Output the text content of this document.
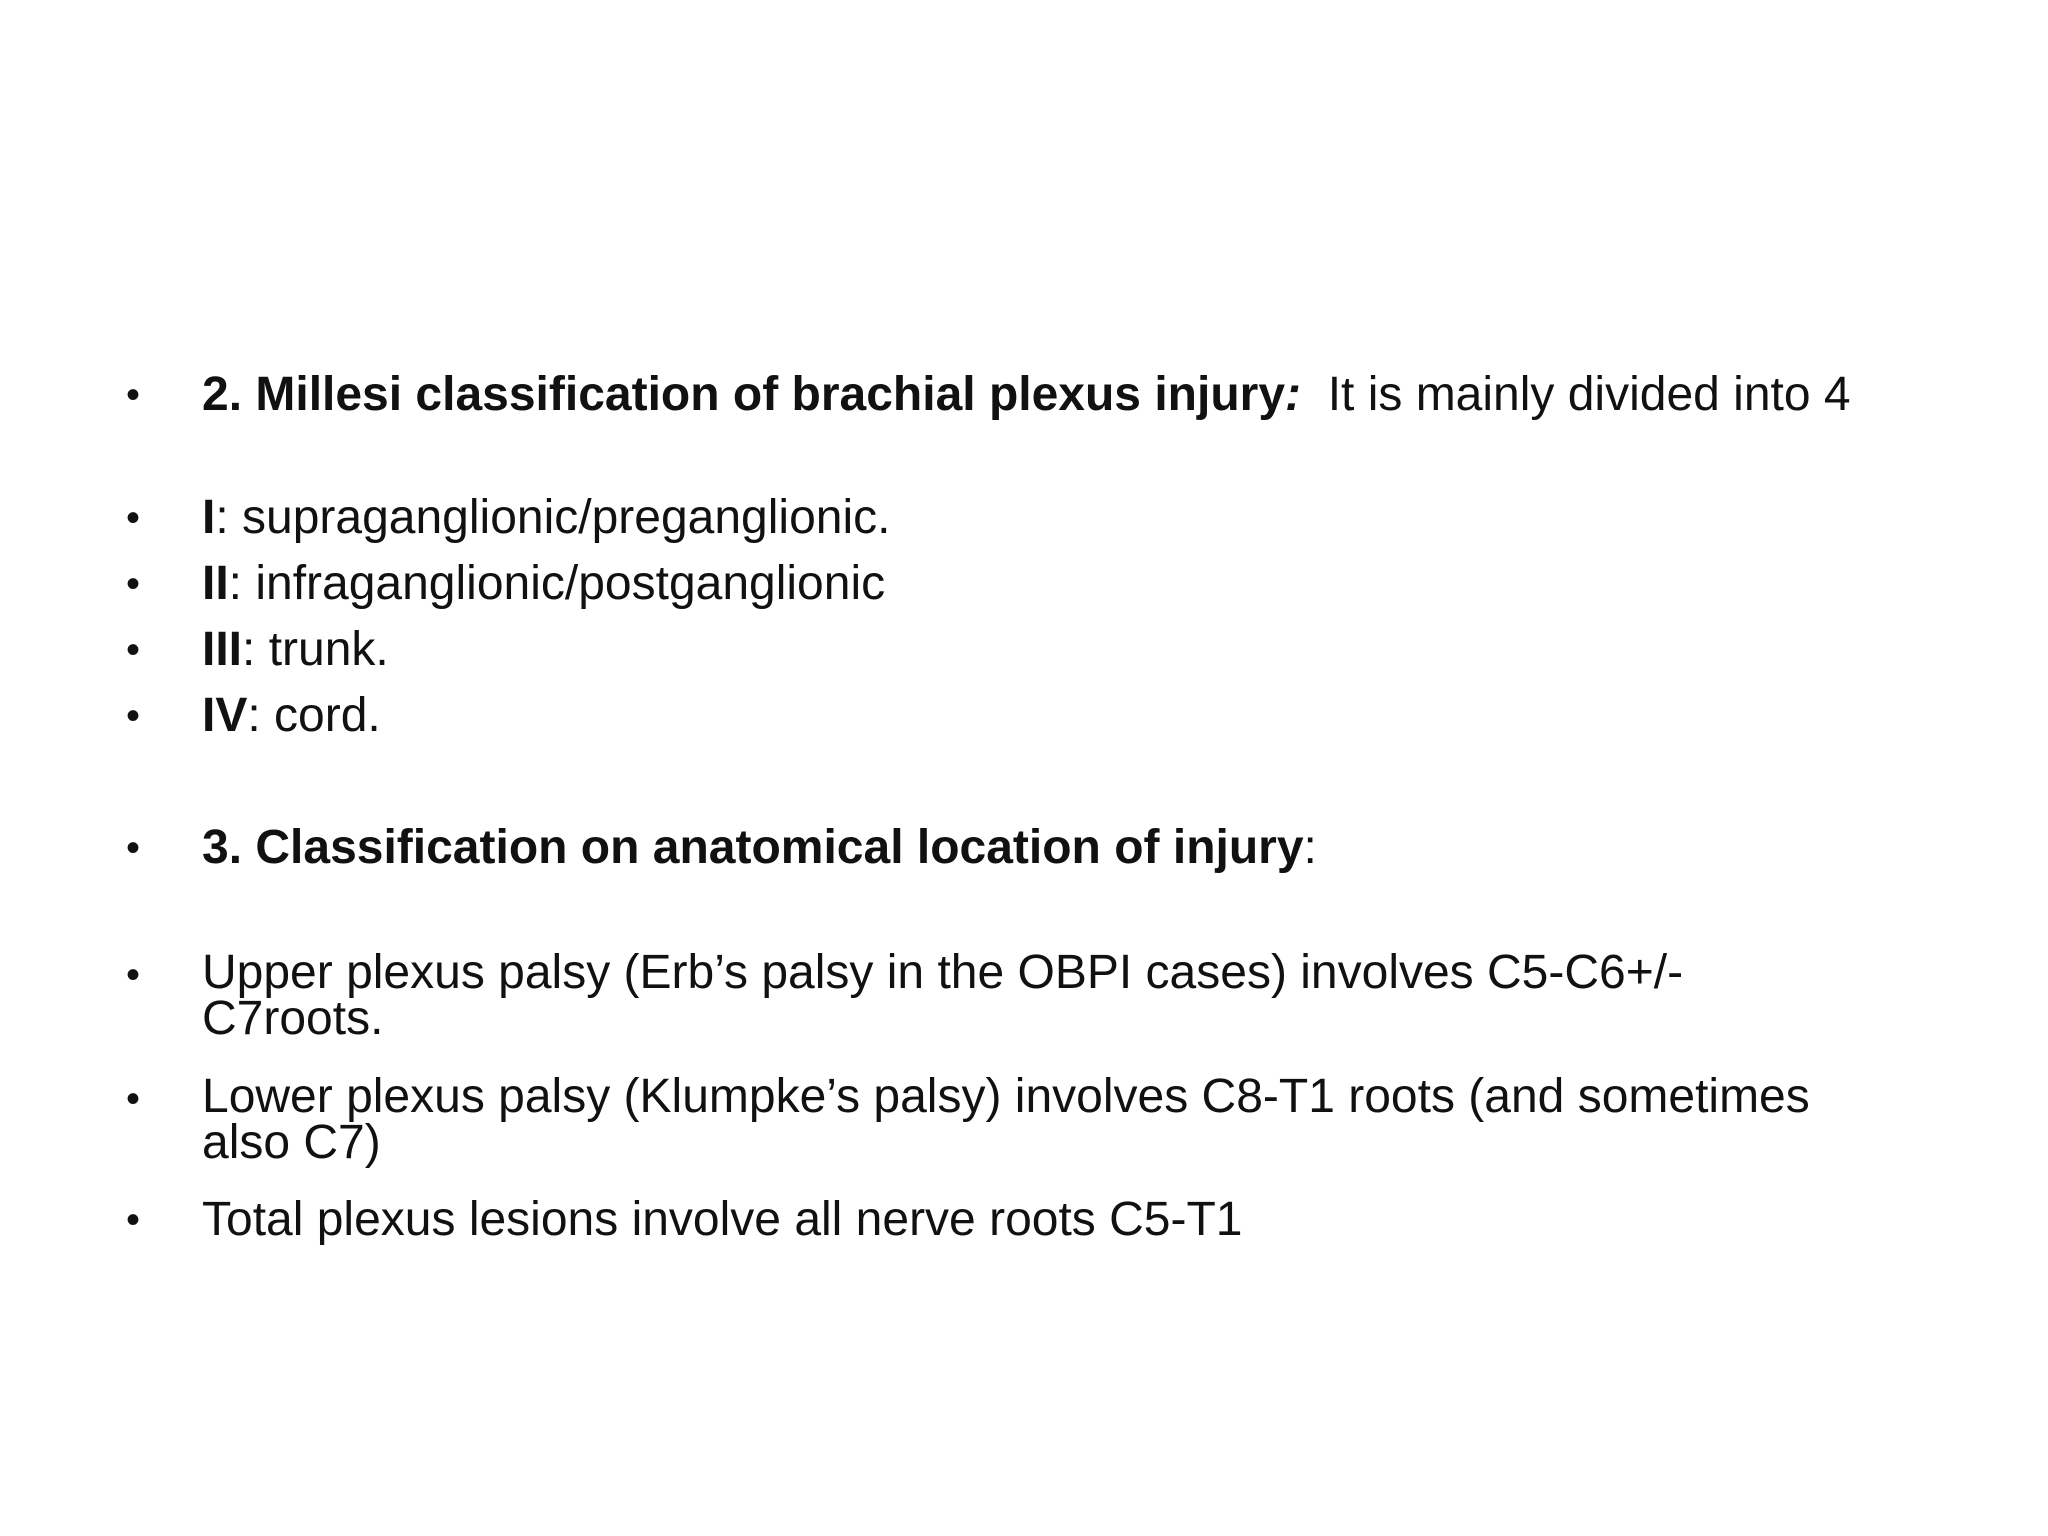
•	2. Millesi classification of brachial plexus injury:  It is mainly divided into 4
•	I: supraganglionic/preganglionic.
•	II: infraganglionic/postganglionic
•	III: trunk.
•	IV: cord.
•	3. Classification on anatomical location of injury:
•	Upper plexus palsy (Erb’s palsy in the OBPI cases) involves C5-C6+/-
C7roots.
•	Lower plexus palsy (Klumpke’s palsy) involves C8-T1 roots (and sometimes
also C7)
•	Total plexus lesions involve all nerve roots C5-T1
